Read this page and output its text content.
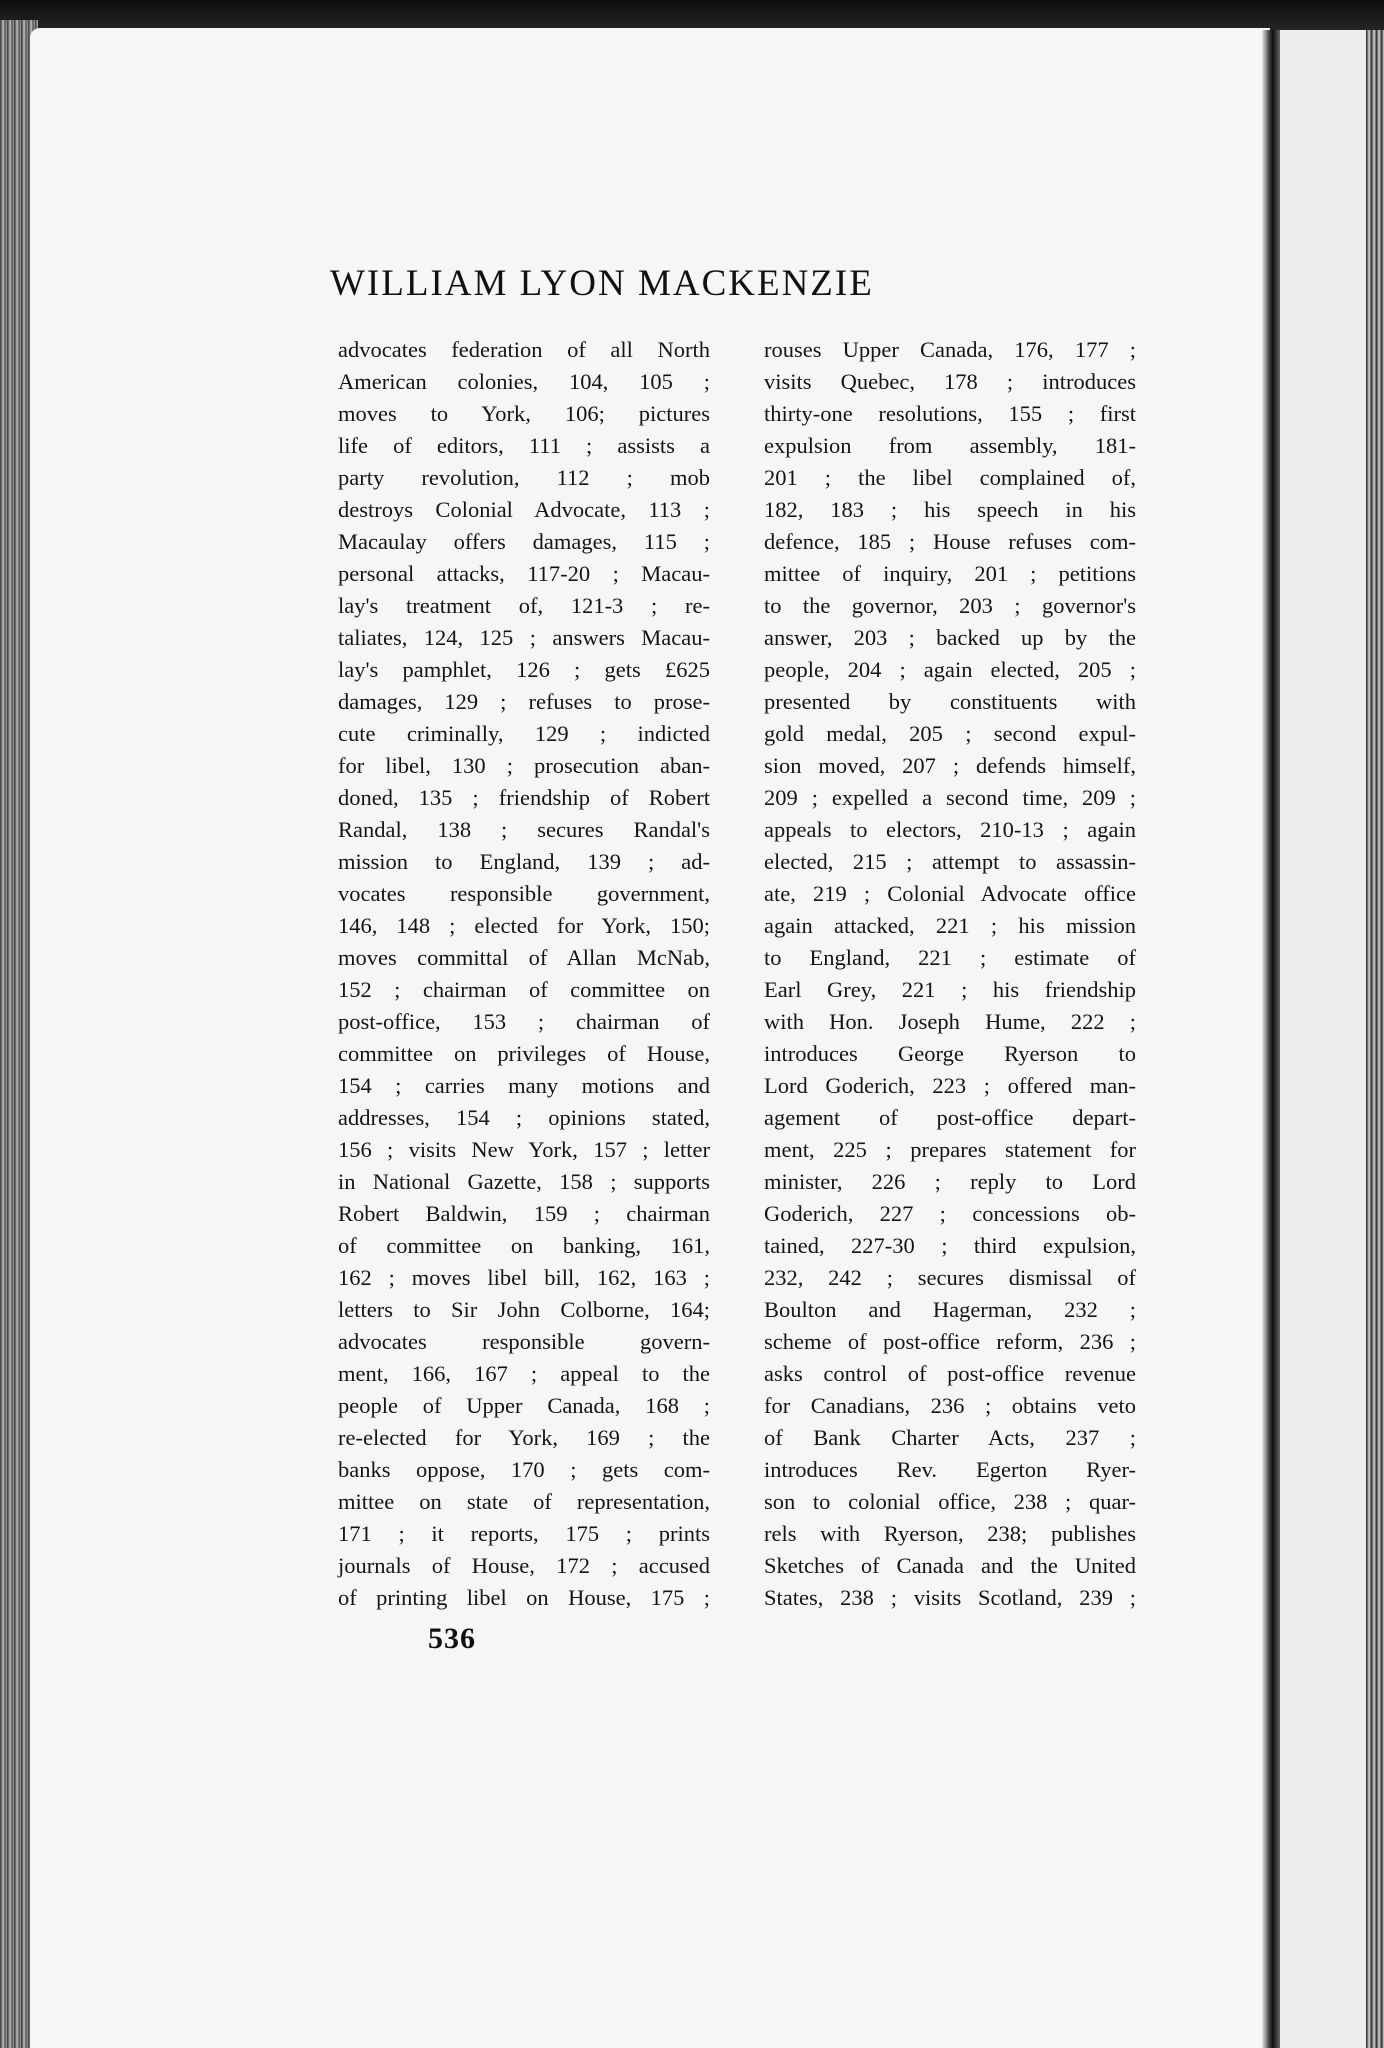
WILLIAM LYON MACKENZIE
advocates federation of all North
American colonies, 104, 105 ;
moves to York, 106; pictures
life of editors, 111 ; assists a
party revolution, 112 ; mob
destroys Colonial Advocate, 113 ;
Macaulay offers damages, 115 ;
personal attacks, 117-20 ; Macau-
lay's treatment of, 121-3 ; re-
taliates, 124, 125 ; answers Macau-
lay's pamphlet, 126 ; gets £625
damages, 129 ; refuses to prose-
cute criminally, 129 ; indicted
for libel, 130 ; prosecution aban-
doned, 135 ; friendship of Robert
Randal, 138 ; secures Randal's
mission to England, 139 ; ad-
vocates responsible government,
146, 148 ; elected for York, 150;
moves committal of Allan McNab,
152 ; chairman of committee on
post-office, 153 ; chairman of
committee on privileges of House,
154 ; carries many motions and
addresses, 154 ; opinions stated,
156 ; visits New York, 157 ; letter
in National Gazette, 158 ; supports
Robert Baldwin, 159 ; chairman
of committee on banking, 161,
162 ; moves libel bill, 162, 163 ;
letters to Sir John Colborne, 164;
advocates responsible govern-
ment, 166, 167 ; appeal to the
people of Upper Canada, 168 ;
re-elected for York, 169 ; the
banks oppose, 170 ; gets com-
mittee on state of representation,
171 ; it reports, 175 ; prints
journals of House, 172 ; accused
of printing libel on House, 175 ;
rouses Upper Canada, 176, 177 ;
visits Quebec, 178 ; introduces
thirty-one resolutions, 155 ; first
expulsion from assembly, 181-
201 ; the libel complained of,
182, 183 ; his speech in his
defence, 185 ; House refuses com-
mittee of inquiry, 201 ; petitions
to the governor, 203 ; governor's
answer, 203 ; backed up by the
people, 204 ; again elected, 205 ;
presented by constituents with
gold medal, 205 ; second expul-
sion moved, 207 ; defends himself,
209 ; expelled a second time, 209 ;
appeals to electors, 210-13 ; again
elected, 215 ; attempt to assassin-
ate, 219 ; Colonial Advocate office
again attacked, 221 ; his mission
to England, 221 ; estimate of
Earl Grey, 221 ; his friendship
with Hon. Joseph Hume, 222 ;
introduces George Ryerson to
Lord Goderich, 223 ; offered man-
agement of post-office depart-
ment, 225 ; prepares statement for
minister, 226 ; reply to Lord
Goderich, 227 ; concessions ob-
tained, 227-30 ; third expulsion,
232, 242 ; secures dismissal of
Boulton and Hagerman, 232 ;
scheme of post-office reform, 236 ;
asks control of post-office revenue
for Canadians, 236 ; obtains veto
of Bank Charter Acts, 237 ;
introduces Rev. Egerton Ryer-
son to colonial office, 238 ; quar-
rels with Ryerson, 238; publishes
Sketches of Canada and the United
States, 238 ; visits Scotland, 239 ;
536
